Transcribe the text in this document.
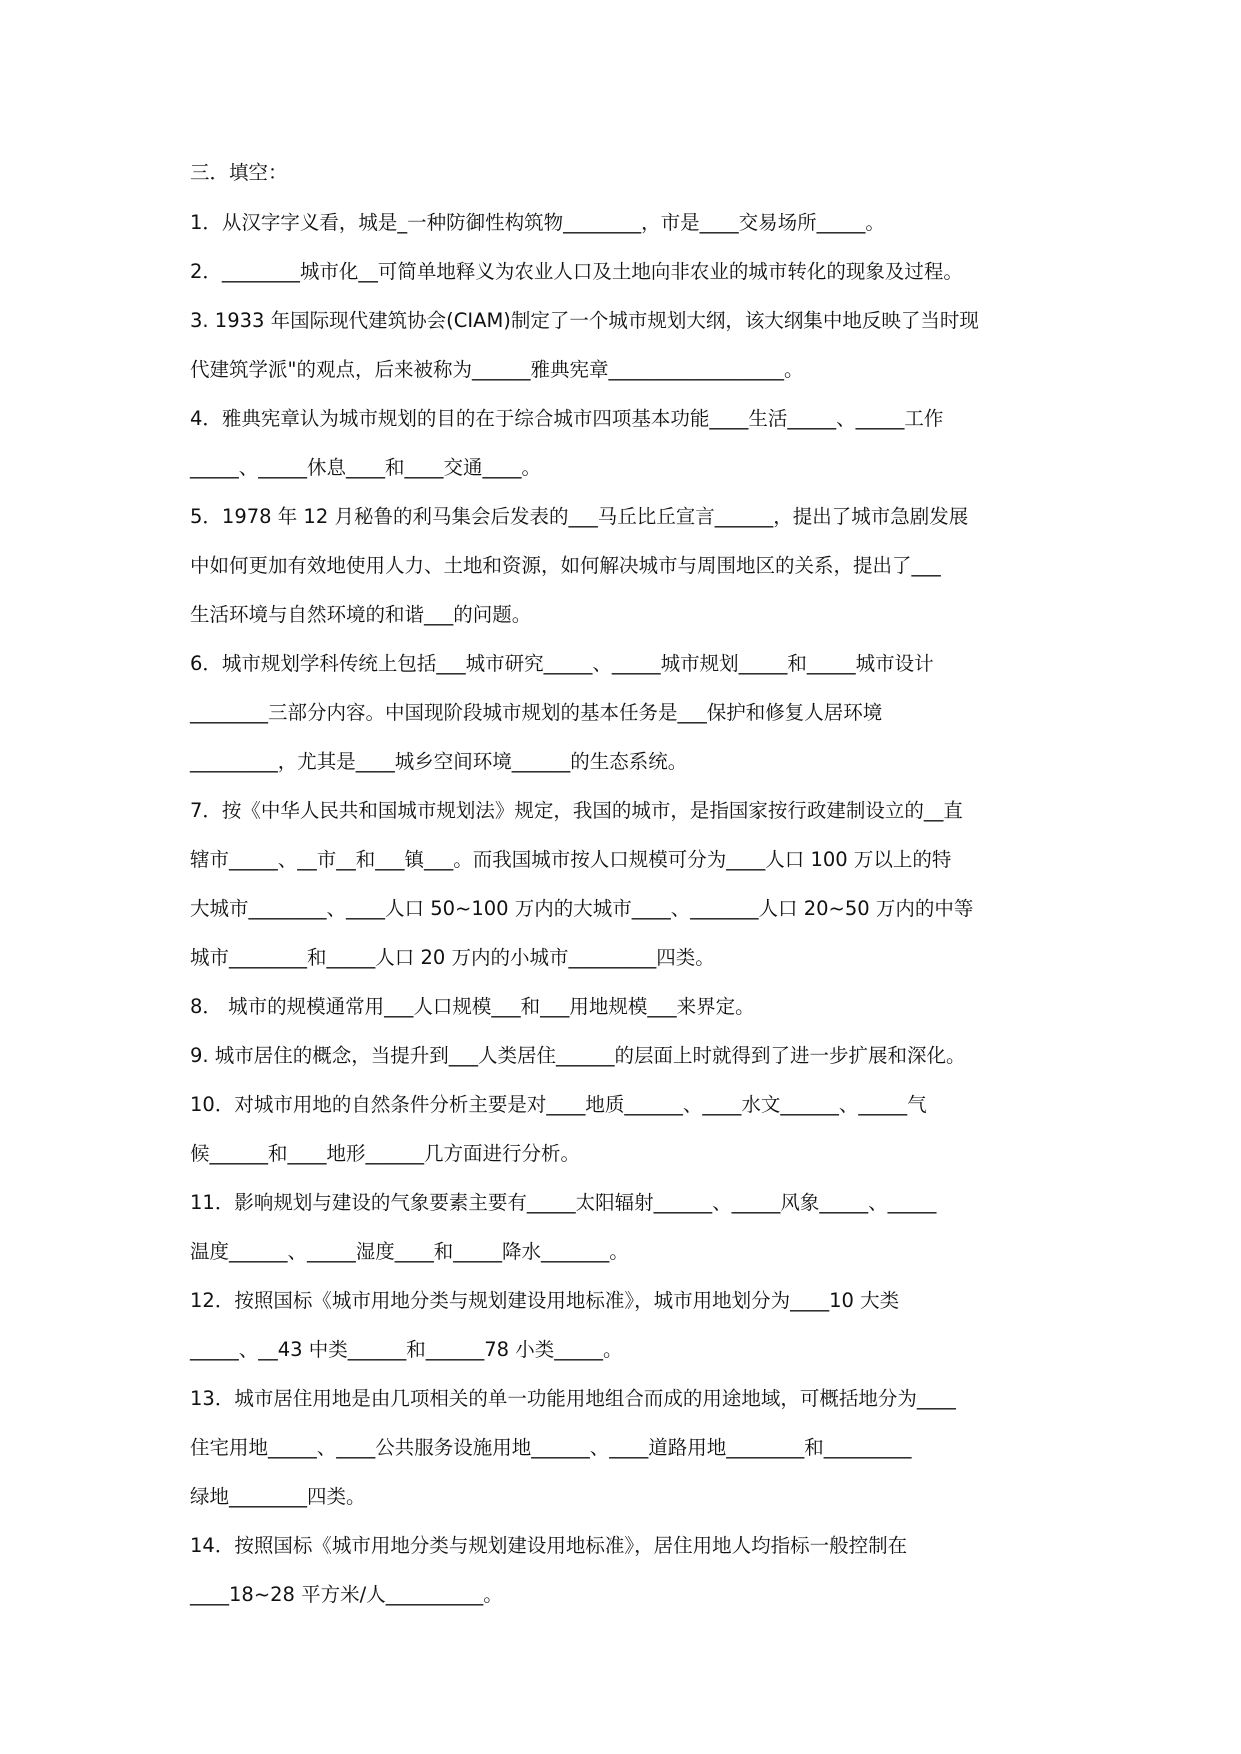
三．填空：
1．从汉字字义看，城是_一种防御性构筑物________，市是____交易场所_____。
2．________城市化__可简单地释义为农业人口及土地向非农业的城市转化的现象及过程。
3. 1933 年国际现代建筑协会(CIAM)制定了一个城市规划大纲，该大纲集中地反映了当时现
代建筑学派"的观点，后来被称为______雅典宪章__________________。
4．雅典宪章认为城市规划的目的在于综合城市四项基本功能____生活_____、_____工作
_____、_____休息____和____交通____。
5．1978 年 12 月秘鲁的利马集会后发表的___马丘比丘宣言______，提出了城市急剧发展
中如何更加有效地使用人力、土地和资源，如何解决城市与周围地区的关系，提出了___
生活环境与自然环境的和谐___的问题。
6．城市规划学科传统上包括___城市研究_____、_____城市规划_____和_____城市设计
________三部分内容。中国现阶段城市规划的基本任务是___保护和修复人居环境
_________，尤其是____城乡空间环境______的生态系统。
7．按《中华人民共和国城市规划法》规定，我国的城市，是指国家按行政建制设立的__直
辖市_____、__市__和___镇___。而我国城市按人口规模可分为____人口 100 万以上的特
大城市________、____人口 50~100 万内的大城市____、_______人口 20~50 万内的中等
城市________和_____人口 20 万内的小城市_________四类。
8． 城市的规模通常用___人口规模___和___用地规模___来界定。
9. 城市居住的概念，当提升到___人类居住______的层面上时就得到了进一步扩展和深化。
10．对城市用地的自然条件分析主要是对____地质______、____水文______、_____气
候______和____地形______几方面进行分析。
11．影响规划与建设的气象要素主要有_____太阳辐射______、_____风象_____、_____
温度______、_____湿度____和_____降水_______。
12．按照国标《城市用地分类与规划建设用地标准》，城市用地划分为____10 大类
_____、__43 中类______和______78 小类_____。
13．城市居住用地是由几项相关的单一功能用地组合而成的用途地域，可概括地分为____
住宅用地_____、____公共服务设施用地______、____道路用地________和_________
绿地________四类。
14．按照国标《城市用地分类与规划建设用地标准》，居住用地人均指标一般控制在
____18~28 平方米/人__________。
